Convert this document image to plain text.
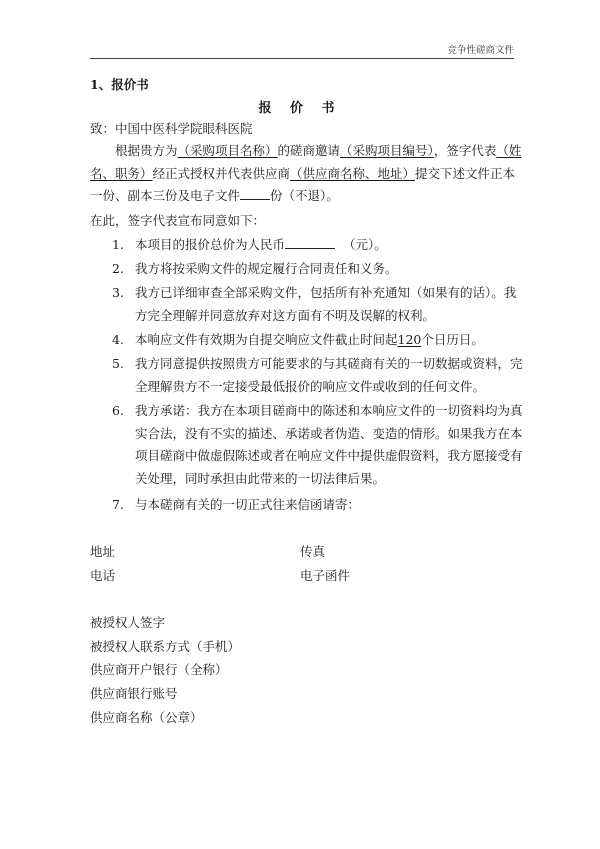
竞争性磋商文件
1、报价书
报 价 书
致：中国中医科学院眼科医院
根据贵方为（采购项目名称）的磋商邀请（采购项目编号），签字代表（姓名、职务）经正式授权并代表供应商（供应商名称、地址）提交下述文件正本一份、副本三份及电子文件 份（不退）。
在此，签字代表宣布同意如下：
1. 本项目的报价总价为人民币	（元）。
2. 我方将按采购文件的规定履行合同责任和义务。
3. 我方已详细审查全部采购文件，包括所有补充通知（如果有的话）。我方完全理解并同意放弃对这方面有不明及误解的权利。
4. 本响应文件有效期为自提交响应文件截止时间起120个日历日。
5. 我方同意提供按照贵方可能要求的与其磋商有关的一切数据或资料，完全理解贵方不一定接受最低报价的响应文件或收到的任何文件。
6. 我方承诺：我方在本项目磋商中的陈述和本响应文件的一切资料均为真实合法，没有不实的描述、承诺或者伪造、变造的情形。如果我方在本项目磋商中做虚假陈述或者在响应文件中提供虚假资料，我方愿接受有关处理，同时承担由此带来的一切法律后果。
7. 与本磋商有关的一切正式往来信函请寄：
地址	传真
电话	电子函件
被授权人签字
被授权人联系方式（手机）
供应商开户银行（全称）
供应商银行账号
供应商名称（公章）
